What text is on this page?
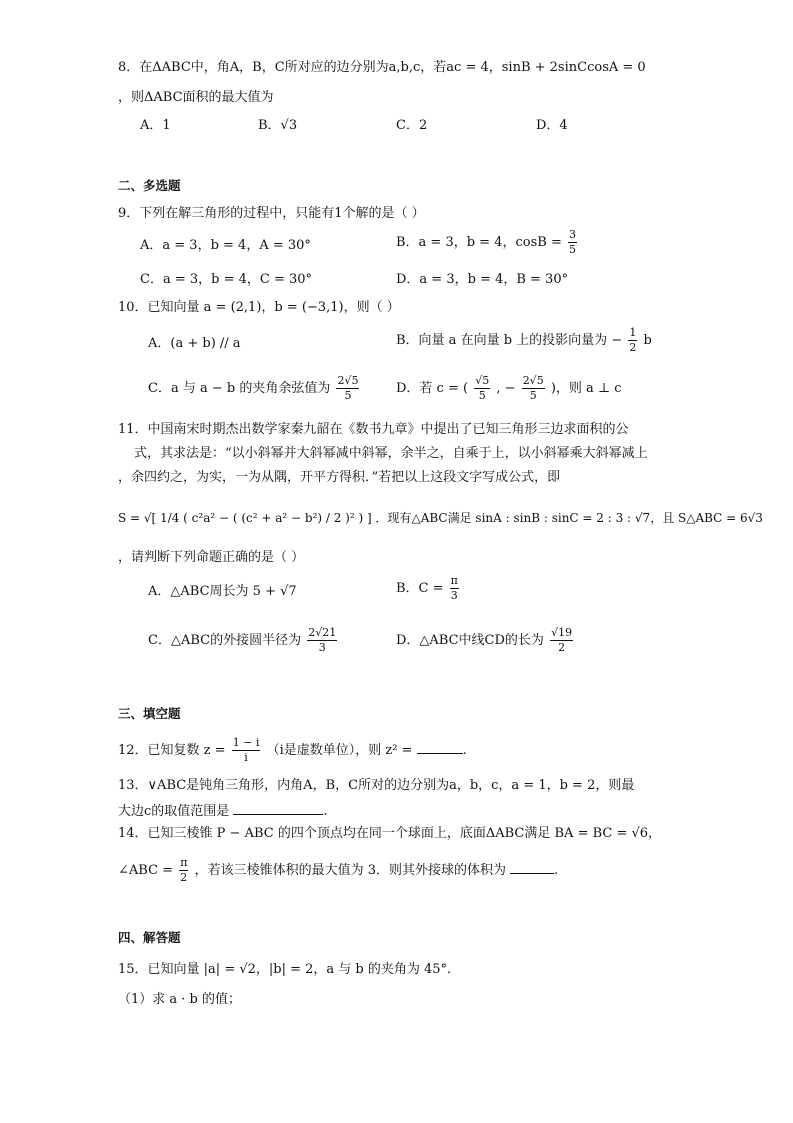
8．在ΔABC中，角A，B，C所对应的边分别为a,b,c，若ac = 4，sinB + 2sinCcosA = 0
，则ΔABC面积的最大值为
A．1	B．√3	C．2	D．4
二、多选题
9．下列在解三角形的过程中，只能有1个解的是（ ）
A．a = 3，b = 4，A = 30°	B．a = 3，b = 4，$\cos B = \frac{3}{5}$
C．a = 3，b = 4，C = 30°	D．a = 3，b = 4，B = 30°
10．已知向量 a = (2,1)，b = (−3,1)，则（ ）
A．(a + b) // a	B．向量 a 在向量 b 上的投影向量为 − $\frac{1}{2}$ b
C．a 与 a − b 的夹角余弦值为 $\frac{2√5}{5}$	D．若 c = ( $\frac{√5}{5}$ , − $\frac{2√5}{5}$ )，则 a ⊥ c
11．中国南宋时期杰出数学家秦九韶在《数书九章》中提出了已知三角形三边求面积的公
式，其求法是：“以小斜幂并大斜幂减中斜幂，余半之，自乘于上，以小斜幂乘大斜幂减上
，余四约之，为实，一为从隅，开平方得积．”若把以上这段文字写成公式，即
S = √[ 1/4 ( c²a² − ( (c² + a² − b²) / 2 )² ) ] ．现有△ABC满足 sinA : sinB : sinC = 2 : 3 : √7，且 S△ABC = 6√3
，请判断下列命题正确的是（ ）
A．△ABC周长为 5 + √7	B．$C = \frac{\pi}{3}$
C．△ABC的外接圆半径为 $\frac{2√21}{3}$	D．△ABC中线CD的长为 $\frac{√19}{2}$
三、填空题
12．已知复数 $z = \frac{1 - i}{i} (i$是虚数单位），则 z² =	.
13．∨ABC是钝角三角形，内角A，B，C所对的边分别为a，b，c，a = 1，b = 2，则最
大边c的取值范围是	.
14．已知三棱锥 P − ABC 的四个顶点均在同一个球面上，底面ΔABC满足 BA = BC = √6，
∠ABC = $\frac{\pi}{2}$ ，若该三棱锥体积的最大值为 3．则其外接球的体积为	.
四、解答题
15．已知向量 |a| = √2，|b| = 2，a 与 b 的夹角为 45°．
（1）求 a · b 的值；
